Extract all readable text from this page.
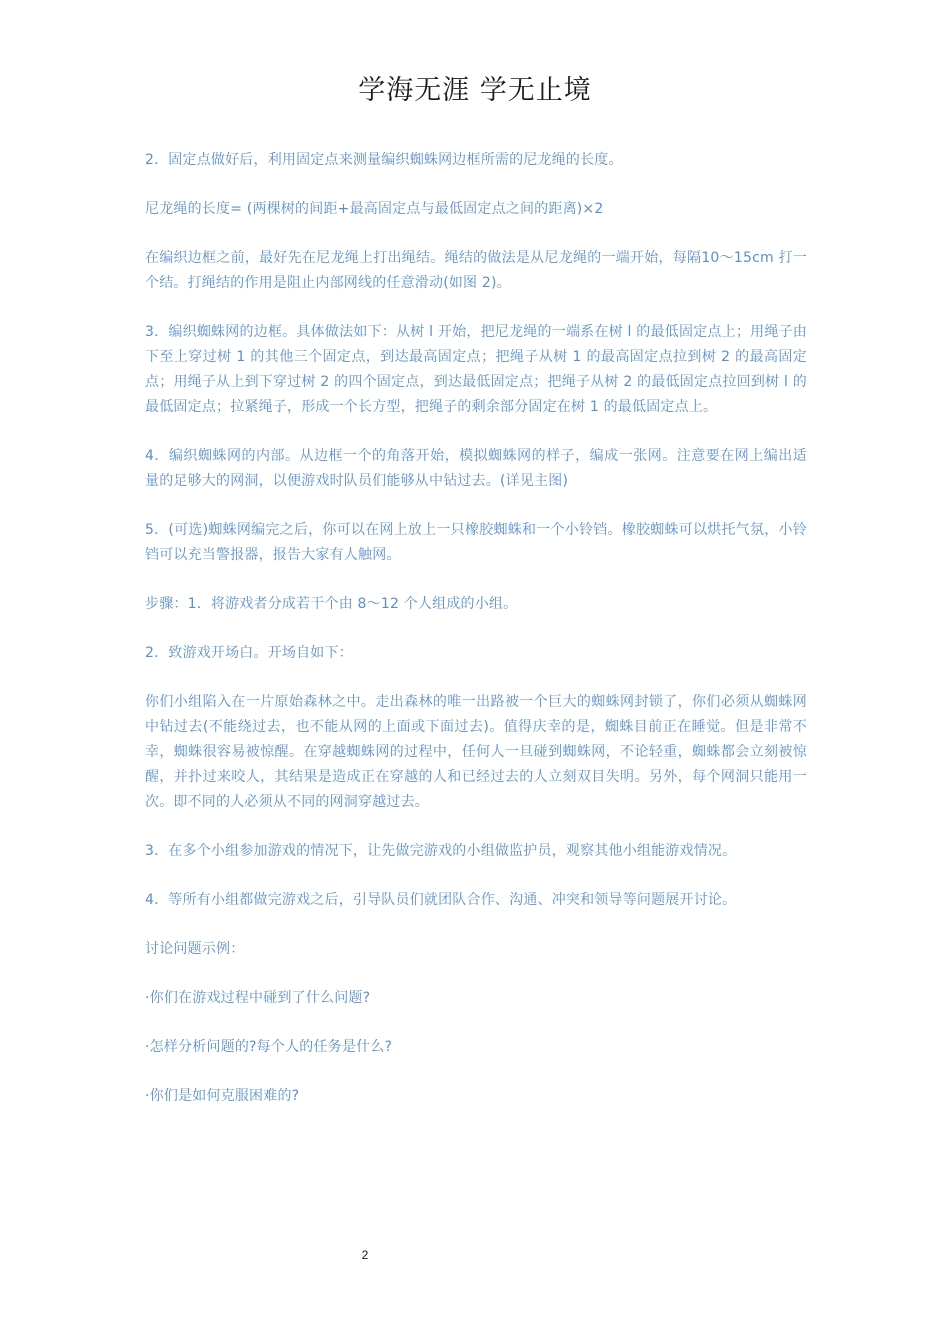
学海无涯 学无止境

2．固定点做好后，利用固定点来测量编织蜘蛛网边框所需的尼龙绳的长度。

尼龙绳的长度= (两棵树的间距+最高固定点与最低固定点之间的距离)×2

在编织边框之前，最好先在尼龙绳上打出绳结。绳结的做法是从尼龙绳的一端开始，每隔10～15cm 打一个结。打绳结的作用是阻止内部网线的任意滑动(如图 2)。

3．编织蜘蛛网的边框。具体做法如下：从树 l 开始，把尼龙绳的一端系在树 l 的最低固定点上；用绳子由下至上穿过树 1 的其他三个固定点，到达最高固定点；把绳子从树 1 的最高固定点拉到树 2 的最高固定点；用绳子从上到下穿过树 2 的四个固定点，到达最低固定点；把绳子从树 2 的最低固定点拉回到树 l 的最低固定点；拉紧绳子，形成一个长方型，把绳子的剩余部分固定在树 1 的最低固定点上。

4．编织蜘蛛网的内部。从边框一个的角落开始，模拟蜘蛛网的样子，编成一张网。注意要在网上编出适量的足够大的网洞，以便游戏时队员们能够从中钻过去。(详见主图)

5．(可选)蜘蛛网编完之后，你可以在网上放上一只橡胶蜘蛛和一个小铃铛。橡胶蜘蛛可以烘托气氛，小铃铛可以充当警报器，报告大家有人触网。

步骤：1．将游戏者分成若干个由 8～12 个人组成的小组。

2．致游戏开场白。开场自如下：

你们小组陷入在一片原始森林之中。走出森林的唯一出路被一个巨大的蜘蛛网封锁了，你们必须从蜘蛛网中钻过去(不能绕过去，也不能从网的上面或下面过去)。值得庆幸的是，蜘蛛目前正在睡觉。但是非常不幸，蜘蛛很容易被惊醒。在穿越蜘蛛网的过程中，任何人一旦碰到蜘蛛网，不论轻重，蜘蛛都会立刻被惊醒，并扑过来咬人，其结果是造成正在穿越的人和已经过去的人立刻双目失明。另外，每个网洞只能用一次。即不同的人必须从不同的网洞穿越过去。

3．在多个小组参加游戏的情况下，让先做完游戏的小组做监护员，观察其他小组能游戏情况。

4．等所有小组都做完游戏之后，引导队员们就团队合作、沟通、冲突和领导等问题展开讨论。

讨论问题示例：

·你们在游戏过程中碰到了什么问题?

·怎样分析问题的?每个人的任务是什么?

·你们是如何克服困难的?

2
